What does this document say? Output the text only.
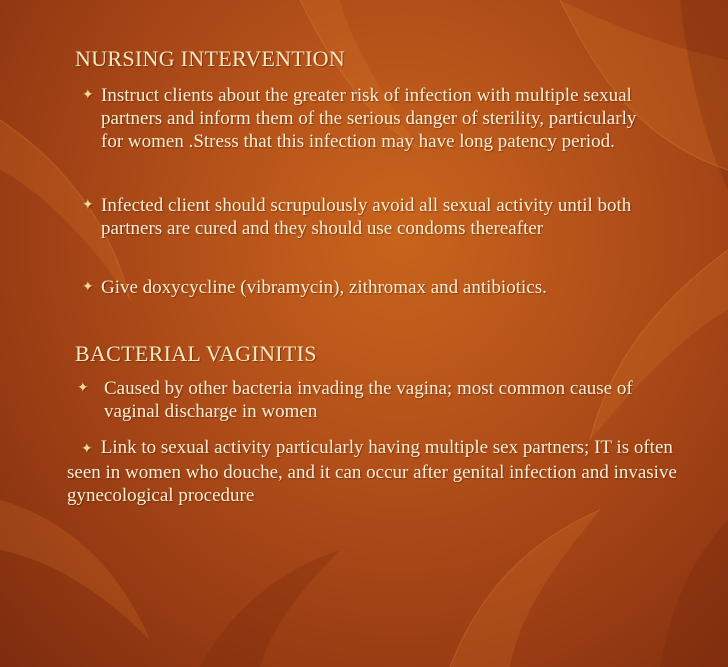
NURSING INTERVENTION
✦ Instruct clients about the greater risk of infection with multiple sexual partners and inform them of the serious danger of sterility, particularly for women .Stress that this infection may have long patency period.
✦ Infected client should scrupulously avoid all sexual activity until both partners are cured and they should use condoms thereafter
✦ Give doxycycline (vibramycin), zithromax and antibiotics.
BACTERIAL VAGINITIS
✦ Caused by other bacteria invading the vagina; most common cause of vaginal discharge in women
✦ Link to sexual activity particularly having multiple sex partners; IT is often seen in women who douche, and it can occur after genital infection and invasive gynecological procedure
